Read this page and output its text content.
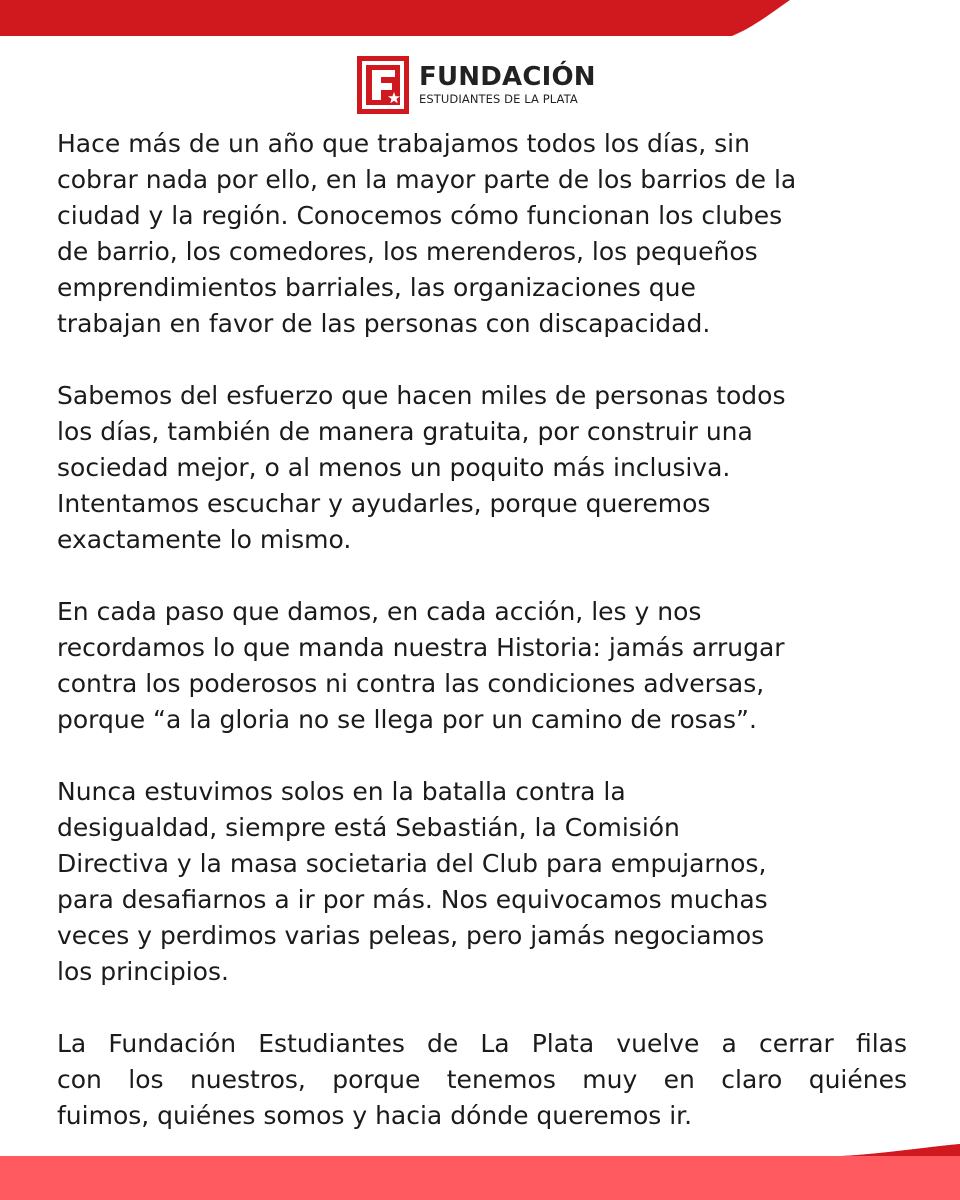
FUNDACIÓN
ESTUDIANTES DE LA PLATA

Hace más de un año que trabajamos todos los días, sin
cobrar nada por ello, en la mayor parte de los barrios de la
ciudad y la región. Conocemos cómo funcionan los clubes
de barrio, los comedores, los merenderos, los pequeños
emprendimientos barriales, las organizaciones que
trabajan en favor de las personas con discapacidad.

Sabemos del esfuerzo que hacen miles de personas todos
los días, también de manera gratuita, por construir una
sociedad mejor, o al menos un poquito más inclusiva.
Intentamos escuchar y ayudarles, porque queremos
exactamente lo mismo.

En cada paso que damos, en cada acción, les y nos
recordamos lo que manda nuestra Historia: jamás arrugar
contra los poderosos ni contra las condiciones adversas,
porque “a la gloria no se llega por un camino de rosas”.

Nunca estuvimos solos en la batalla contra la
desigualdad, siempre está Sebastián, la Comisión
Directiva y la masa societaria del Club para empujarnos,
para desafiarnos a ir por más. Nos equivocamos muchas
veces y perdimos varias peleas, pero jamás negociamos
los principios.

La Fundación Estudiantes de La Plata vuelve a cerrar filas
con los nuestros, porque tenemos muy en claro quiénes
fuimos, quiénes somos y hacia dónde queremos ir.
